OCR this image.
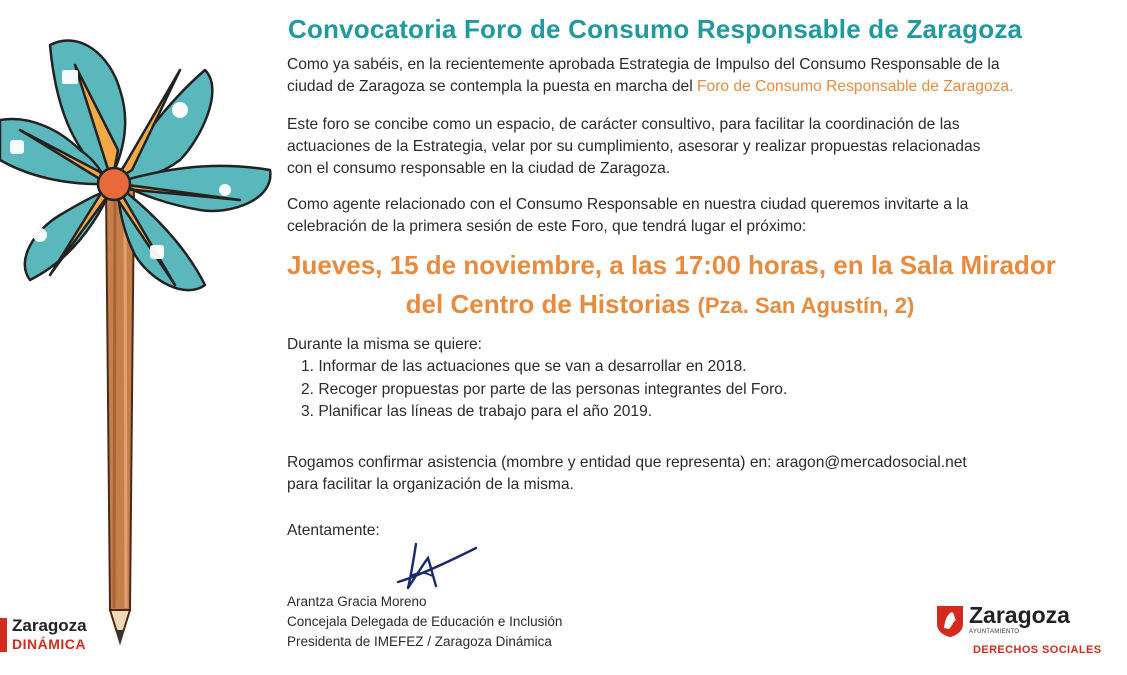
Convocatoria Foro de Consumo Responsable de Zaragoza
Como ya sabéis, en la recientemente aprobada Estrategia de Impulso del Consumo Responsable de la
ciudad de Zaragoza se contempla la puesta en marcha del Foro de Consumo Responsable de Zaragoza.
Este foro se concibe como un espacio, de carácter consultivo, para facilitar la coordinación de las
actuaciones de la Estrategia, velar por su cumplimiento, asesorar y realizar propuestas relacionadas
con el consumo responsable en la ciudad de Zaragoza.
Como agente relacionado con el Consumo Responsable en nuestra ciudad queremos invitarte a la
celebración de la primera sesión de este Foro, que tendrá lugar el próximo:
Jueves, 15 de noviembre, a las 17:00 horas, en la Sala Mirador
del Centro de Historias (Pza. San Agustín, 2)
Durante la misma se quiere:
1. Informar de las actuaciones que se van a desarrollar en 2018.
2. Recoger propuestas por parte de las personas integrantes del Foro.
3. Planificar las líneas de trabajo para el año 2019.
Rogamos confirmar asistencia (mombre y entidad que representa) en: aragon@mercadosocial.net
para facilitar la organización de la misma.
Atentamente:
Arantza Gracia Moreno
Concejala Delegada de Educación e Inclusión
Presidenta de IMEFEZ / Zaragoza Dinámica
Zaragoza
DINÁMICA
Zaragoza
AYUNTAMIENTO
DERECHOS SOCIALES
